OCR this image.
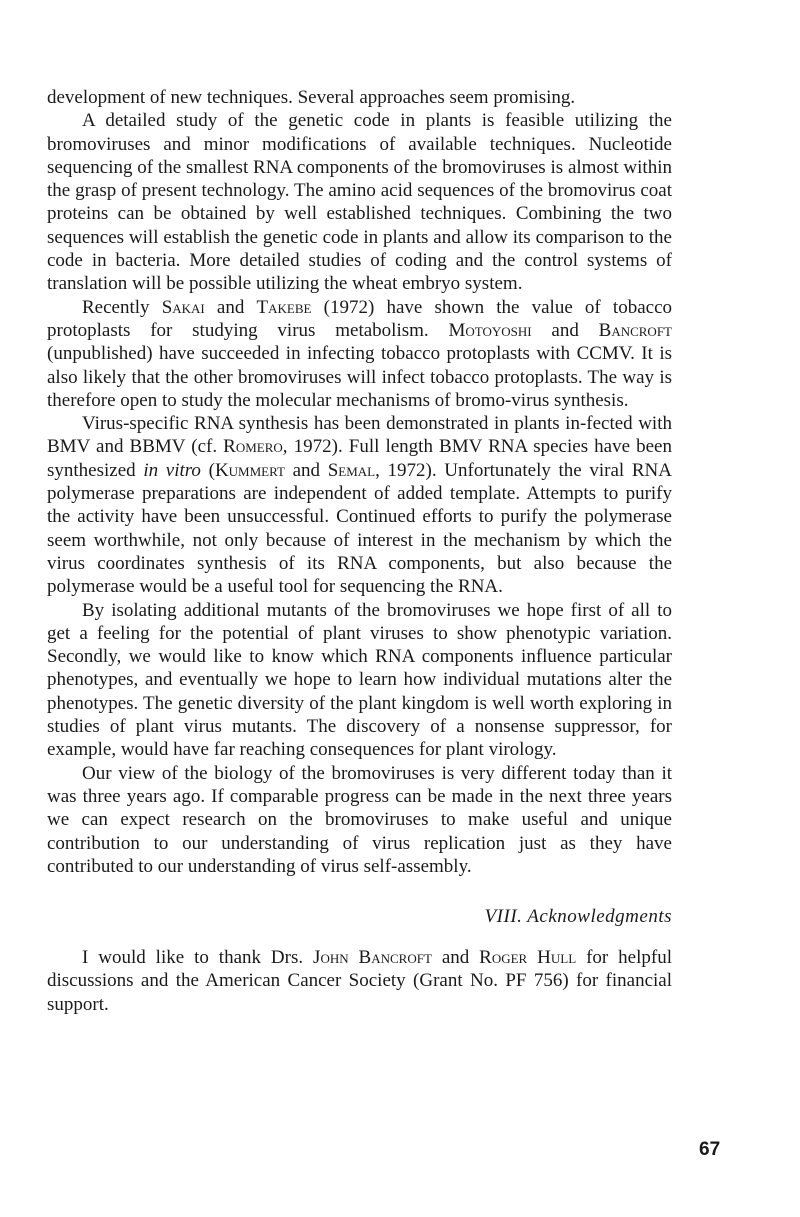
development of new techniques. Several approaches seem promising.

A detailed study of the genetic code in plants is feasible utilizing the bromoviruses and minor modifications of available techniques. Nucleotide sequencing of the smallest RNA components of the bromoviruses is almost within the grasp of present technology. The amino acid sequences of the bromovirus coat proteins can be obtained by well established techniques. Combining the two sequences will establish the genetic code in plants and allow its comparison to the code in bacteria. More detailed studies of coding and the control systems of translation will be possible utilizing the wheat embryo system.

Recently Sakai and Takebe (1972) have shown the value of tobacco protoplasts for studying virus metabolism. Motoyoshi and Bancroft (unpublished) have succeeded in infecting tobacco protoplasts with CCMV. It is also likely that the other bromoviruses will infect tobacco protoplasts. The way is therefore open to study the molecular mechanisms of bromo-virus synthesis.

Virus-specific RNA synthesis has been demonstrated in plants in-fected with BMV and BBMV (cf. Romero, 1972). Full length BMV RNA species have been synthesized in vitro (Kummert and Semal, 1972). Unfortunately the viral RNA polymerase preparations are independent of added template. Attempts to purify the activity have been unsuccessful. Continued efforts to purify the polymerase seem worthwhile, not only because of interest in the mechanism by which the virus coordinates synthesis of its RNA components, but also because the polymerase would be a useful tool for sequencing the RNA.

By isolating additional mutants of the bromoviruses we hope first of all to get a feeling for the potential of plant viruses to show phenotypic variation. Secondly, we would like to know which RNA components influence particular phenotypes, and eventually we hope to learn how individual mutations alter the phenotypes. The genetic diversity of the plant kingdom is well worth exploring in studies of plant virus mutants. The discovery of a nonsense suppressor, for example, would have far reaching consequences for plant virology.

Our view of the biology of the bromoviruses is very different today than it was three years ago. If comparable progress can be made in the next three years we can expect research on the bromoviruses to make useful and unique contribution to our understanding of virus replication just as they have contributed to our understanding of virus self-assembly.

VIII. Acknowledgments

I would like to thank Drs. John Bancroft and Roger Hull for helpful discussions and the American Cancer Society (Grant No. PF 756) for financial support.

67
